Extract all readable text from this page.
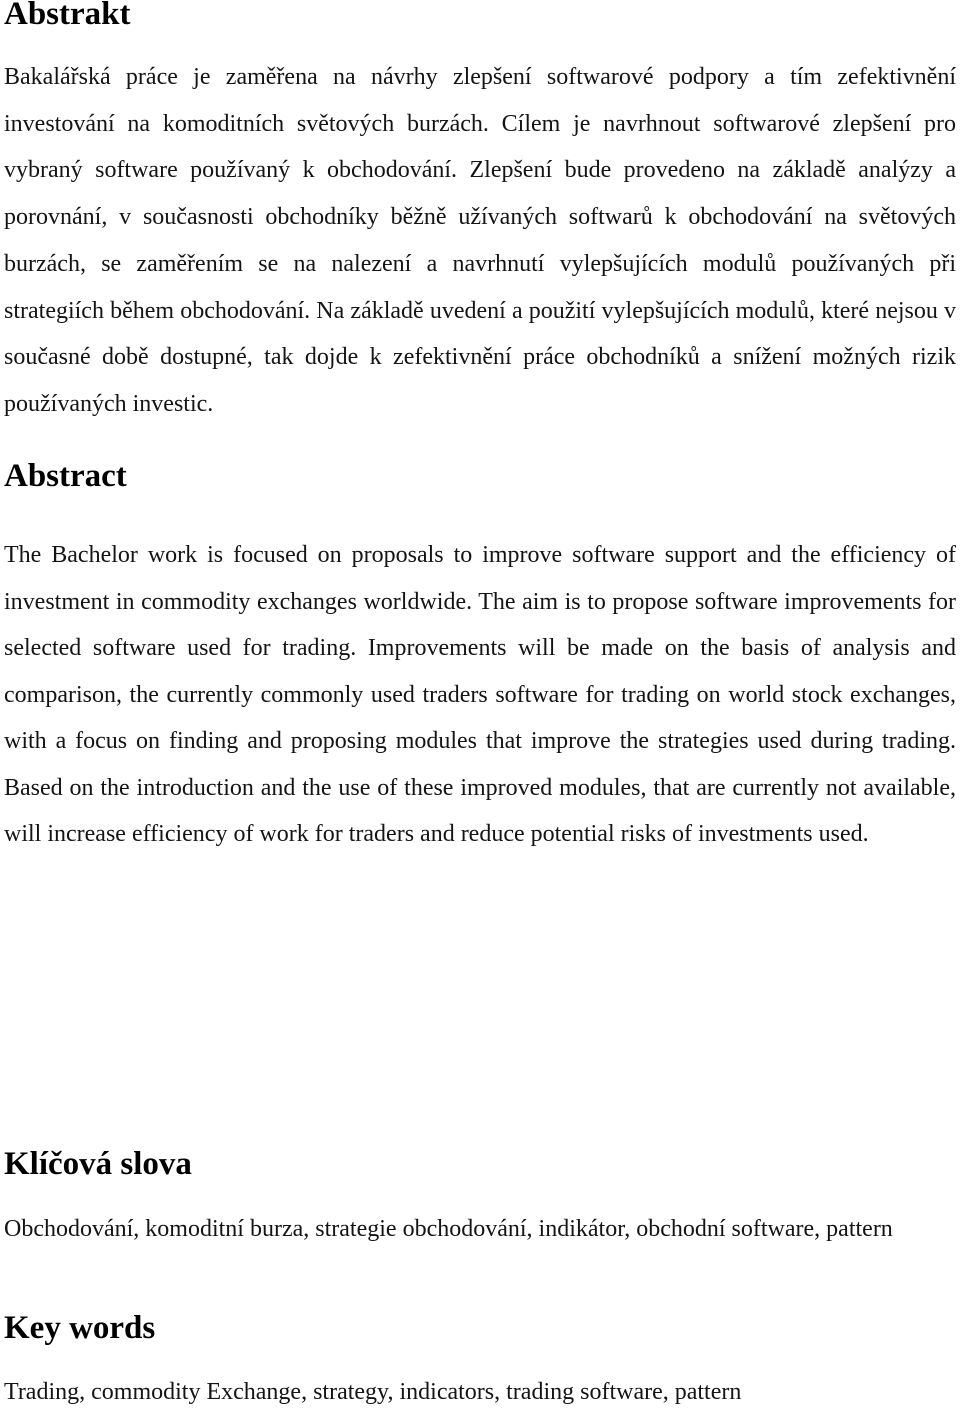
Abstrakt

Bakalářská práce je zaměřena na návrhy zlepšení softwarové podpory a tím zefektivnění investování na komoditních světových burzách. Cílem je navrhnout softwarové zlepšení pro vybraný software používaný k obchodování. Zlepšení bude provedeno na základě analýzy a porovnání, v současnosti obchodníky běžně užívaných softwarů k obchodování na světových burzách, se zaměřením se na nalezení a navrhnutí vylepšujících modulů používaných při strategiích během obchodování. Na základě uvedení a použití vylepšujících modulů, které nejsou v současné době dostupné, tak dojde k zefektivnění práce obchodníků a snížení možných rizik používaných investic.

Abstract

The Bachelor work is focused on proposals to improve software support and the efficiency of investment in commodity exchanges worldwide. The aim is to propose software improvements for selected software used for trading. Improvements will be made on the basis of analysis and comparison, the currently commonly used traders software for trading on world stock exchanges, with a focus on finding and proposing modules that improve the strategies used during trading. Based on the introduction and the use of these improved modules, that are currently not available, will increase efficiency of work for traders and reduce potential risks of investments used.

Klíčová slova

Obchodování, komoditní burza, strategie obchodování, indikátor, obchodní software, pattern

Key words

Trading, commodity Exchange, strategy, indicators, trading software, pattern
